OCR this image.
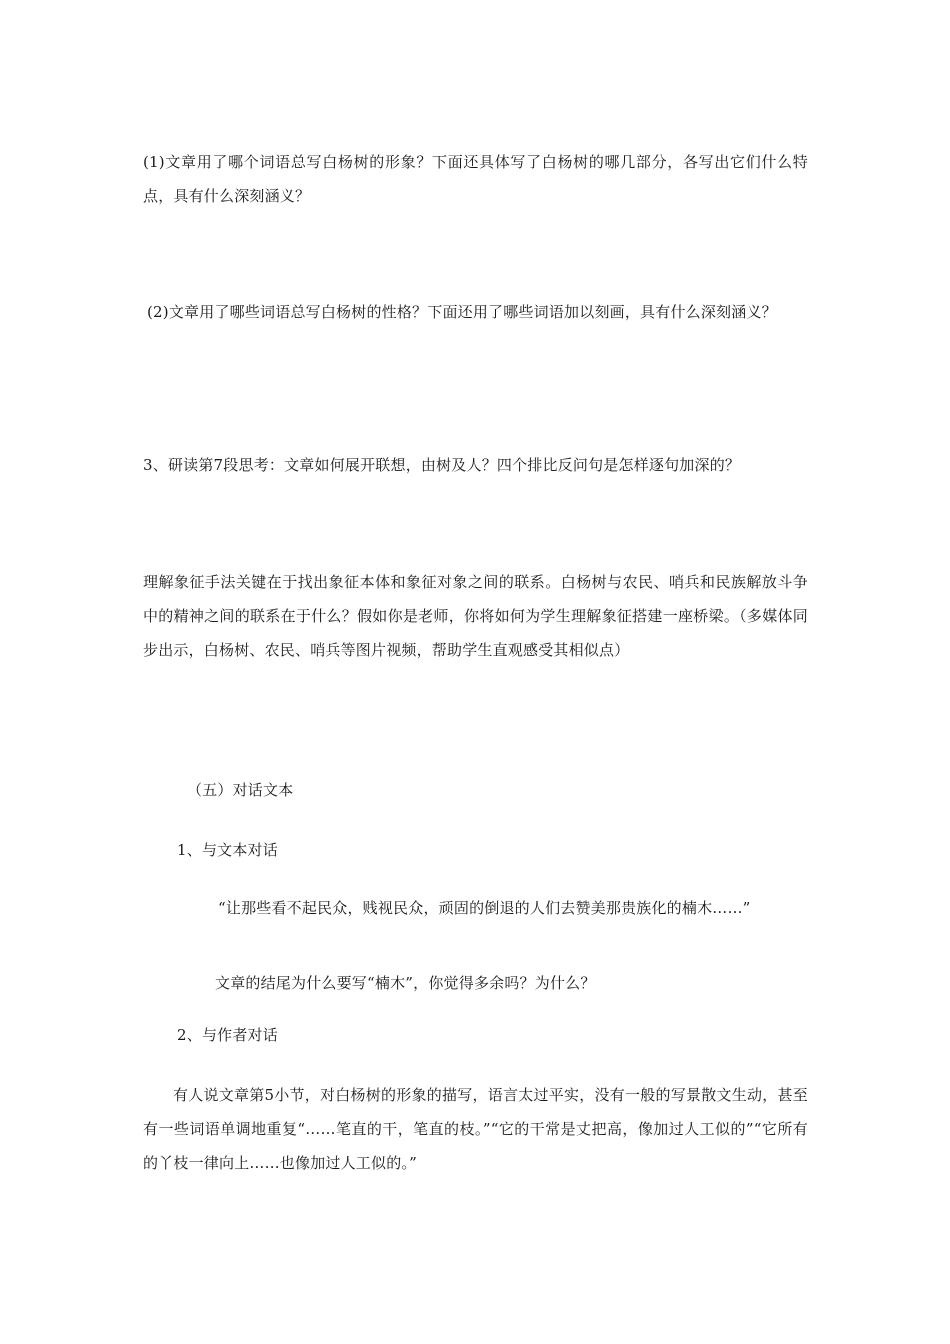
(1)文章用了哪个词语总写白杨树的形象？下面还具体写了白杨树的哪几部分，各写出它们什么特点，具有什么深刻涵义？

(2)文章用了哪些词语总写白杨树的性格？下面还用了哪些词语加以刻画，具有什么深刻涵义？

3、研读第7段思考：文章如何展开联想，由树及人？四个排比反问句是怎样逐句加深的？

理解象征手法关键在于找出象征本体和象征对象之间的联系。白杨树与农民、哨兵和民族解放斗争中的精神之间的联系在于什么？假如你是老师，你将如何为学生理解象征搭建一座桥梁。（多媒体同步出示，白杨树、农民、哨兵等图片视频，帮助学生直观感受其相似点）

（五）对话文本

1、与文本对话

“让那些看不起民众，贱视民众，顽固的倒退的人们去赞美那贵族化的楠木……”

文章的结尾为什么要写“楠木”，你觉得多余吗？为什么？

2、与作者对话

有人说文章第5小节，对白杨树的形象的描写，语言太过平实，没有一般的写景散文生动，甚至有一些词语单调地重复“……笔直的干，笔直的枝。”“它的干常是丈把高，像加过人工似的”“它所有的丫枝一律向上……也像加过人工似的。”
